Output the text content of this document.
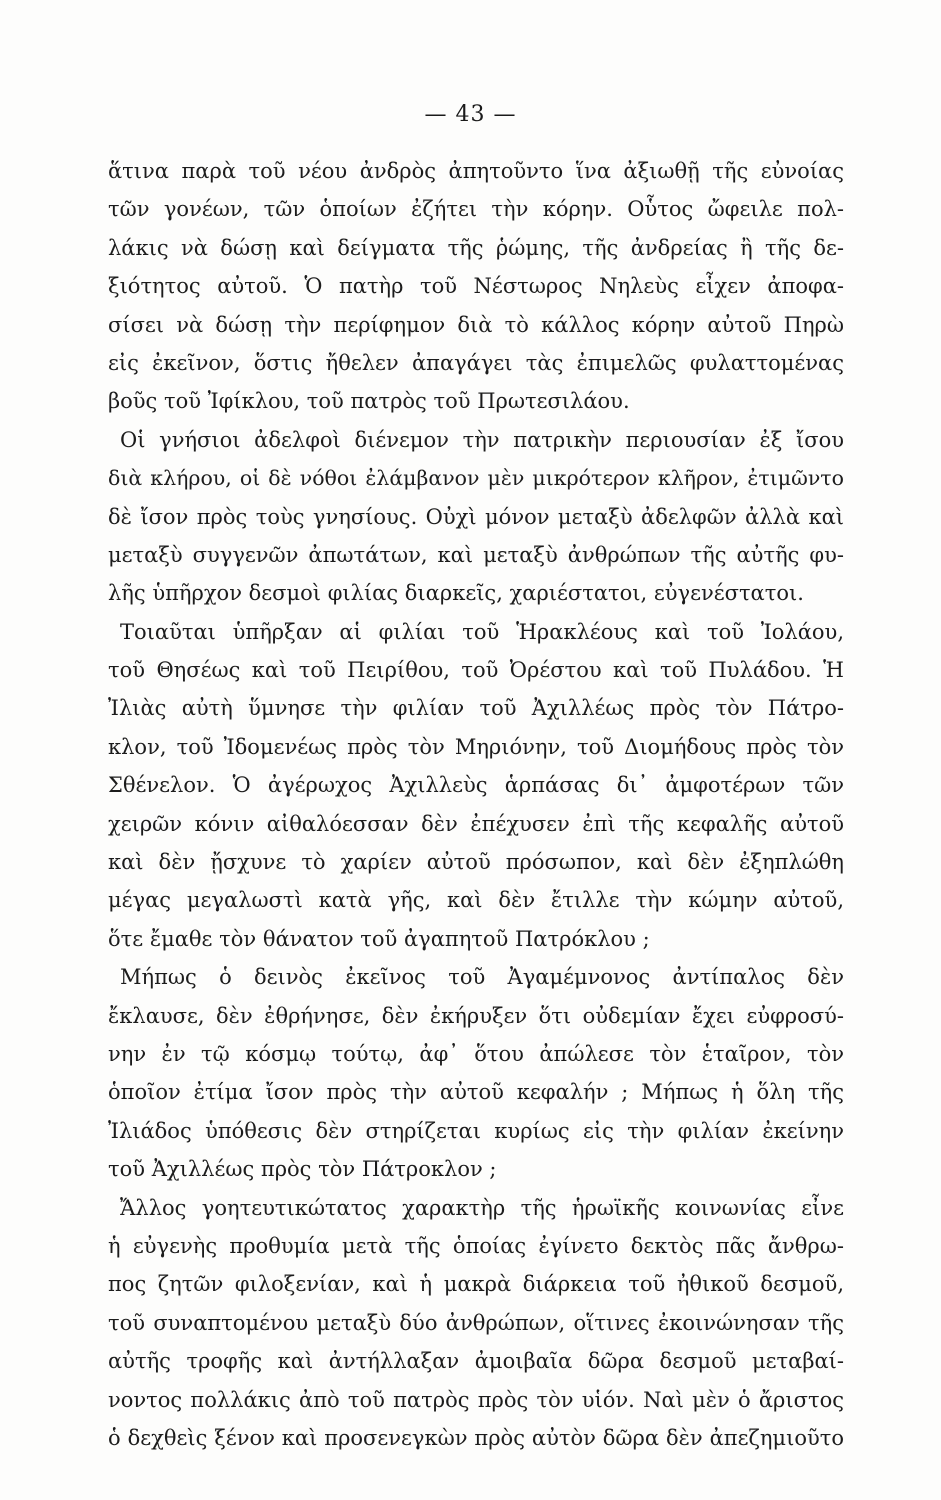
— 43 —
ἅτινα παρὰ τοῦ νέου ἀνδρὸς ἀπητοῦντο ἵνα ἀξιωθῇ τῆς εὐνοίας
τῶν γονέων, τῶν ὁποίων ἐζήτει τὴν κόρην. Οὗτος ὤφειλε πολ-
λάκις νὰ δώσῃ καὶ δείγματα τῆς ῥώμης, τῆς ἀνδρείας ἢ τῆς δε-
ξιότητος αὐτοῦ. Ὁ πατὴρ τοῦ Νέστωρος Νηλεὺς εἶχεν ἀποφα-
σίσει νὰ δώσῃ τὴν περίφημον διὰ τὸ κάλλος κόρην αὐτοῦ Πηρὼ
εἰς ἐκεῖνον, ὅστις ἤθελεν ἀπαγάγει τὰς ἐπιμελῶς φυλαττομένας
βοῦς τοῦ Ἰφίκλου, τοῦ πατρὸς τοῦ Πρωτεσιλάου.
Οἱ γνήσιοι ἀδελφοὶ διένεμον τὴν πατρικὴν περιουσίαν ἐξ ἴσου
διὰ κλήρου, οἱ δὲ νόθοι ἐλάμβανον μὲν μικρότερον κλῆρον, ἐτιμῶντο
δὲ ἴσον πρὸς τοὺς γνησίους. Οὐχὶ μόνον μεταξὺ ἀδελφῶν ἀλλὰ καὶ
μεταξὺ συγγενῶν ἀπωτάτων, καὶ μεταξὺ ἀνθρώπων τῆς αὐτῆς φυ-
λῆς ὑπῆρχον δεσμοὶ φιλίας διαρκεῖς, χαριέστατοι, εὐγενέστατοι.
Τοιαῦται ὑπῆρξαν αἱ φιλίαι τοῦ Ἡρακλέους καὶ τοῦ Ἰολάου,
τοῦ Θησέως καὶ τοῦ Πειρίθου, τοῦ Ὀρέστου καὶ τοῦ Πυλάδου. Ἡ
Ἰλιὰς αὐτὴ ὕμνησε τὴν φιλίαν τοῦ Ἀχιλλέως πρὸς τὸν Πάτρο-
κλον, τοῦ Ἰδομενέως πρὸς τὸν Μηριόνην, τοῦ Διομήδους πρὸς τὸν
Σθένελον. Ὁ ἀγέρωχος Ἀχιλλεὺς ἁρπάσας δι᾽ ἀμφοτέρων τῶν
χειρῶν κόνιν αἰθαλόεσσαν δὲν ἐπέχυσεν ἐπὶ τῆς κεφαλῆς αὐτοῦ
καὶ δὲν ᾔσχυνε τὸ χαρίεν αὐτοῦ πρόσωπον, καὶ δὲν ἐξηπλώθη
μέγας μεγαλωστὶ κατὰ γῆς, καὶ δὲν ἔτιλλε τὴν κώμην αὐτοῦ,
ὅτε ἔμαθε τὸν θάνατον τοῦ ἀγαπητοῦ Πατρόκλου ;
Μήπως ὁ δεινὸς ἐκεῖνος τοῦ Ἀγαμέμνονος ἀντίπαλος δὲν
ἔκλαυσε, δὲν ἐθρήνησε, δὲν ἐκήρυξεν ὅτι οὐδεμίαν ἔχει εὐφροσύ-
νην ἐν τῷ κόσμῳ τούτῳ, ἀφ᾽ ὅτου ἀπώλεσε τὸν ἑταῖρον, τὸν
ὁποῖον ἐτίμα ἴσον πρὸς τὴν αὐτοῦ κεφαλήν ; Μήπως ἡ ὅλη τῆς
Ἰλιάδος ὑπόθεσις δὲν στηρίζεται κυρίως εἰς τὴν φιλίαν ἐκείνην
τοῦ Ἀχιλλέως πρὸς τὸν Πάτροκλον ;
Ἄλλος γοητευτικώτατος χαρακτὴρ τῆς ἡρωϊκῆς κοινωνίας εἶνε
ἡ εὐγενὴς προθυμία μετὰ τῆς ὁποίας ἐγίνετο δεκτὸς πᾶς ἄνθρω-
πος ζητῶν φιλοξενίαν, καὶ ἡ μακρὰ διάρκεια τοῦ ἠθικοῦ δεσμοῦ,
τοῦ συναπτομένου μεταξὺ δύο ἀνθρώπων, οἵτινες ἐκοινώνησαν τῆς
αὐτῆς τροφῆς καὶ ἀντήλλαξαν ἀμοιβαῖα δῶρα δεσμοῦ μεταβαί-
νοντος πολλάκις ἀπὸ τοῦ πατρὸς πρὸς τὸν υἱόν. Ναὶ μὲν ὁ ἄριστος
ὁ δεχθεὶς ξένον καὶ προσενεγκὼν πρὸς αὐτὸν δῶρα δὲν ἀπεζημιοῦτο
